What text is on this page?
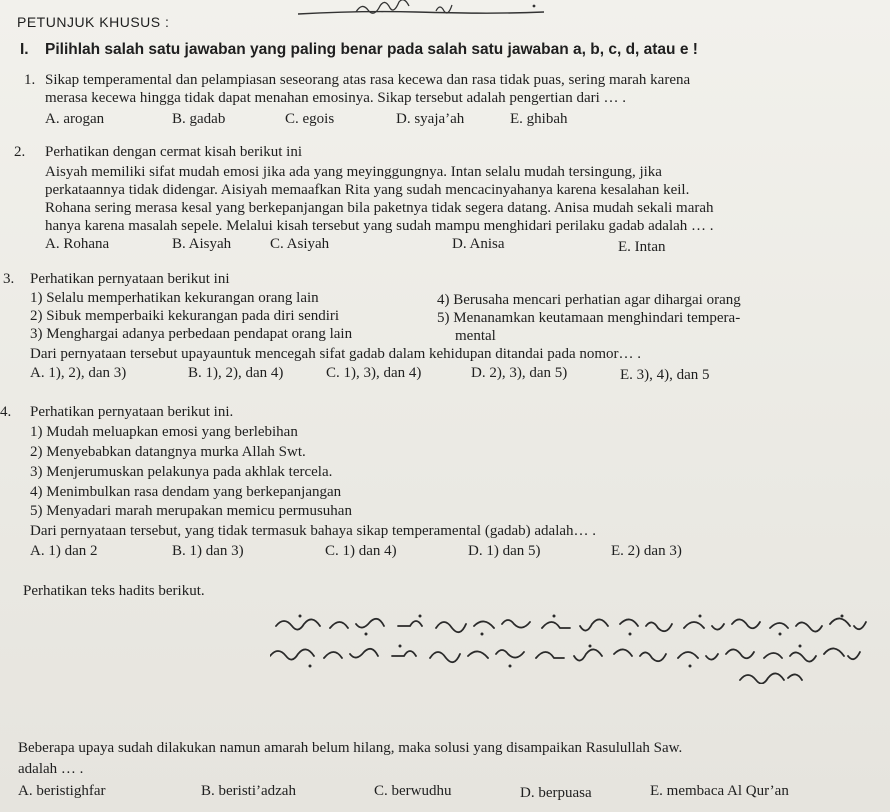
PETUNJUK KHUSUS :
I. Pilihlah salah satu jawaban yang paling benar pada salah satu jawaban a, b, c, d, atau e !
1. Sikap temperamental dan pelampiasan seseorang atas rasa kecewa dan rasa tidak puas, sering marah karena
merasa kecewa hingga tidak dapat menahan emosinya. Sikap tersebut adalah pengertian dari … .
A. arogan	B. gadab	C. egois	D. syaja’ah	E. ghibah
2. Perhatikan dengan cermat kisah berikut ini
Aisyah memiliki sifat mudah emosi jika ada yang meyinggungnya. Intan selalu mudah tersingung, jika
perkataannya tidak didengar. Aisiyah memaafkan Rita yang sudah mencacinyahanya karena kesalahan keil.
Rohana sering merasa kesal yang berkepanjangan bila paketnya tidak segera datang. Anisa mudah sekali marah
hanya karena masalah sepele. Melalui kisah tersebut yang sudah mampu menghidari perilaku gadab adalah … .
A. Rohana	B. Aisyah	C. Asiyah	D. Anisa	E. Intan
3. Perhatikan pernyataan berikut ini
1) Selalu memperhatikan kekurangan orang lain
2) Sibuk memperbaiki kekurangan pada diri sendiri
3) Menghargai adanya perbedaan pendapat orang lain
4) Berusaha mencari perhatian agar dihargai orang
5) Menanamkan keutamaan menghindari tempera-
mental
Dari pernyataan tersebut upayauntuk mencegah sifat gadab dalam kehidupan ditandai pada nomor… .
A. 1), 2), dan 3)	B. 1), 2), dan 4)	C. 1), 3), dan 4)	D. 2), 3), dan 5)	E. 3), 4), dan 5
4. Perhatikan pernyataan berikut ini.
1) Mudah meluapkan emosi yang berlebihan
2) Menyebabkan datangnya murka Allah Swt.
3) Menjerumuskan pelakunya pada akhlak tercela.
4) Menimbulkan rasa dendam yang berkepanjangan
5) Menyadari marah merupakan memicu permusuhan
Dari pernyataan tersebut, yang tidak termasuk bahaya sikap temperamental (gadab) adalah… .
A. 1) dan 2	B. 1) dan 3)	C. 1) dan 4)	D. 1) dan 5)	E. 2) dan 3)
Perhatikan teks hadits berikut.
Beberapa upaya sudah dilakukan namun amarah belum hilang, maka solusi yang disampaikan Rasulullah Saw.
adalah … .
A. beristighfar	B. beristi’adzah	C. berwudhu	D. berpuasa	E. membaca Al Qur’an
